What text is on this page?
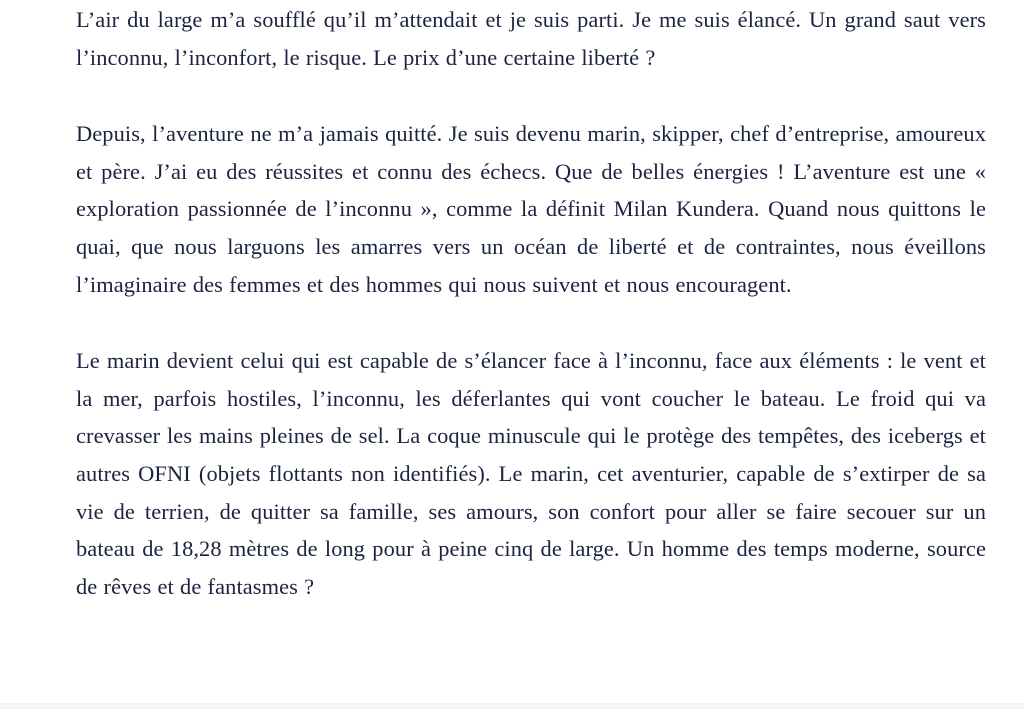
L’air du large m’a soufflé qu’il m’attendait et je suis parti. Je me suis élancé. Un grand saut vers l’inconnu, l’inconfort, le risque. Le prix d’une certaine liberté ?

Depuis, l’aventure ne m’a jamais quitté. Je suis devenu marin, skipper, chef d’entreprise, amoureux et père. J’ai eu des réussites et connu des échecs. Que de belles énergies ! L’aventure est une « exploration passionnée de l’inconnu », comme la définit Milan Kundera. Quand nous quittons le quai, que nous larguons les amarres vers un océan de liberté et de contraintes, nous éveillons l’imaginaire des femmes et des hommes qui nous suivent et nous encouragent.

Le marin devient celui qui est capable de s’élancer face à l’inconnu, face aux éléments : le vent et la mer, parfois hostiles, l’inconnu, les déferlantes qui vont coucher le bateau. Le froid qui va crevasser les mains pleines de sel. La coque minuscule qui le protège des tempêtes, des icebergs et autres OFNI (objets flottants non identifiés). Le marin, cet aventurier, capable de s’extirper de sa vie de terrien, de quitter sa famille, ses amours, son confort pour aller se faire secouer sur un bateau de 18,28 mètres de long pour à peine cinq de large. Un homme des temps moderne, source de rêves et de fantasmes ?
